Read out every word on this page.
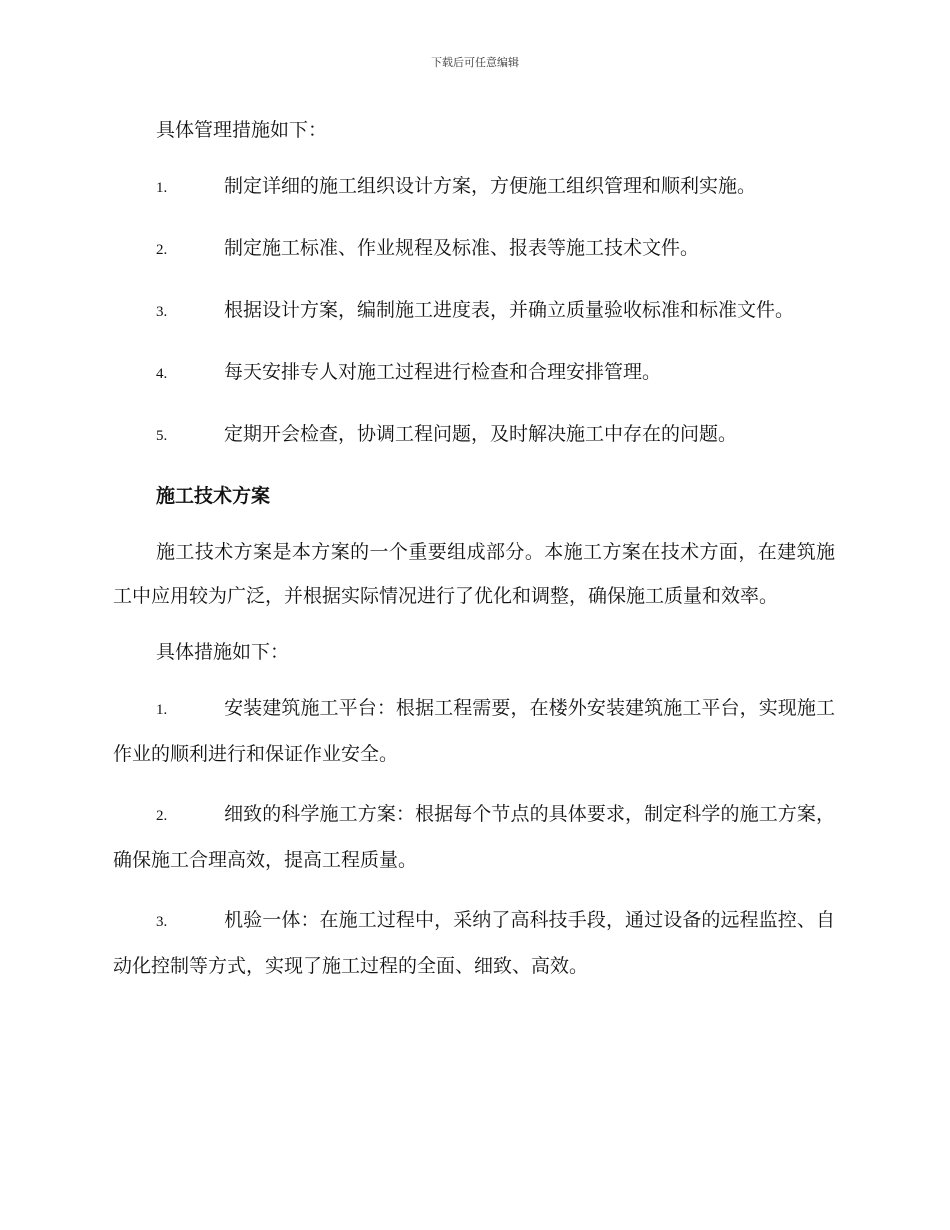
下载后可任意编辑

具体管理措施如下：

1.	制定详细的施工组织设计方案，方便施工组织管理和顺利实施。

2.	制定施工标准、作业规程及标准、报表等施工技术文件。

3.	根据设计方案，编制施工进度表，并确立质量验收标准和标准文件。

4.	每天安排专人对施工过程进行检查和合理安排管理。

5.	定期开会检查，协调工程问题，及时解决施工中存在的问题。

施工技术方案

施工技术方案是本方案的一个重要组成部分。本施工方案在技术方面，在建筑施工中应用较为广泛，并根据实际情况进行了优化和调整，确保施工质量和效率。

具体措施如下：

1.	安装建筑施工平台：根据工程需要，在楼外安装建筑施工平台，实现施工作业的顺利进行和保证作业安全。

2.	细致的科学施工方案：根据每个节点的具体要求，制定科学的施工方案，确保施工合理高效，提高工程质量。

3.	机验一体：在施工过程中，采纳了高科技手段，通过设备的远程监控、自动化控制等方式，实现了施工过程的全面、细致、高效。
